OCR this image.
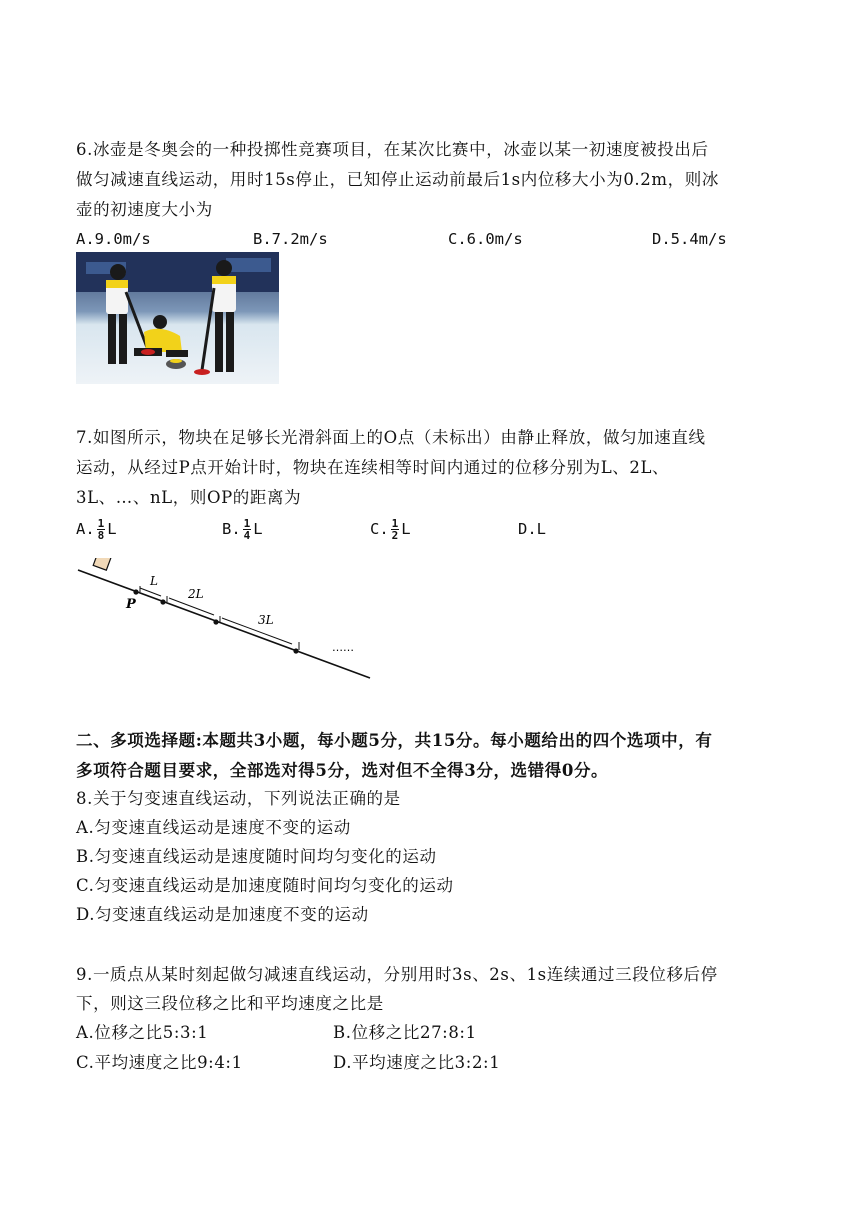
6.冰壶是冬奥会的一种投掷性竞赛项目，在某次比赛中，冰壶以某一初速度被投出后
做匀减速直线运动，用时15s停止，已知停止运动前最后1s内位移大小为0.2m，则冰
壶的初速度大小为
A.9.0m/s	B.7.2m/s	C.6.0m/s	D.5.4m/s
7.如图所示，物块在足够长光滑斜面上的O点（未标出）由静止释放，做匀加速直线
运动，从经过P点开始计时，物块在连续相等时间内通过的位移分别为L、2L、
3L、…、nL，则OP的距离为
A. $\frac{1}{8}$ L	B. $\frac{1}{4}$ L	C. $\frac{1}{2}$ L	D.L
P
L
2L
3L
……
二、多项选择题:本题共3小题，每小题5分，共15分。每小题给出的四个选项中，有
多项符合题目要求，全部选对得5分，选对但不全得3分，选错得0分。
8.关于匀变速直线运动，下列说法正确的是
A.匀变速直线运动是速度不变的运动
B.匀变速直线运动是速度随时间均匀变化的运动
C.匀变速直线运动是加速度随时间均匀变化的运动
D.匀变速直线运动是加速度不变的运动
9.一质点从某时刻起做匀减速直线运动，分别用时3s、2s、1s连续通过三段位移后停
下，则这三段位移之比和平均速度之比是
A.位移之比5:3:1	B.位移之比27:8:1
C.平均速度之比9:4:1	D.平均速度之比3:2:1
